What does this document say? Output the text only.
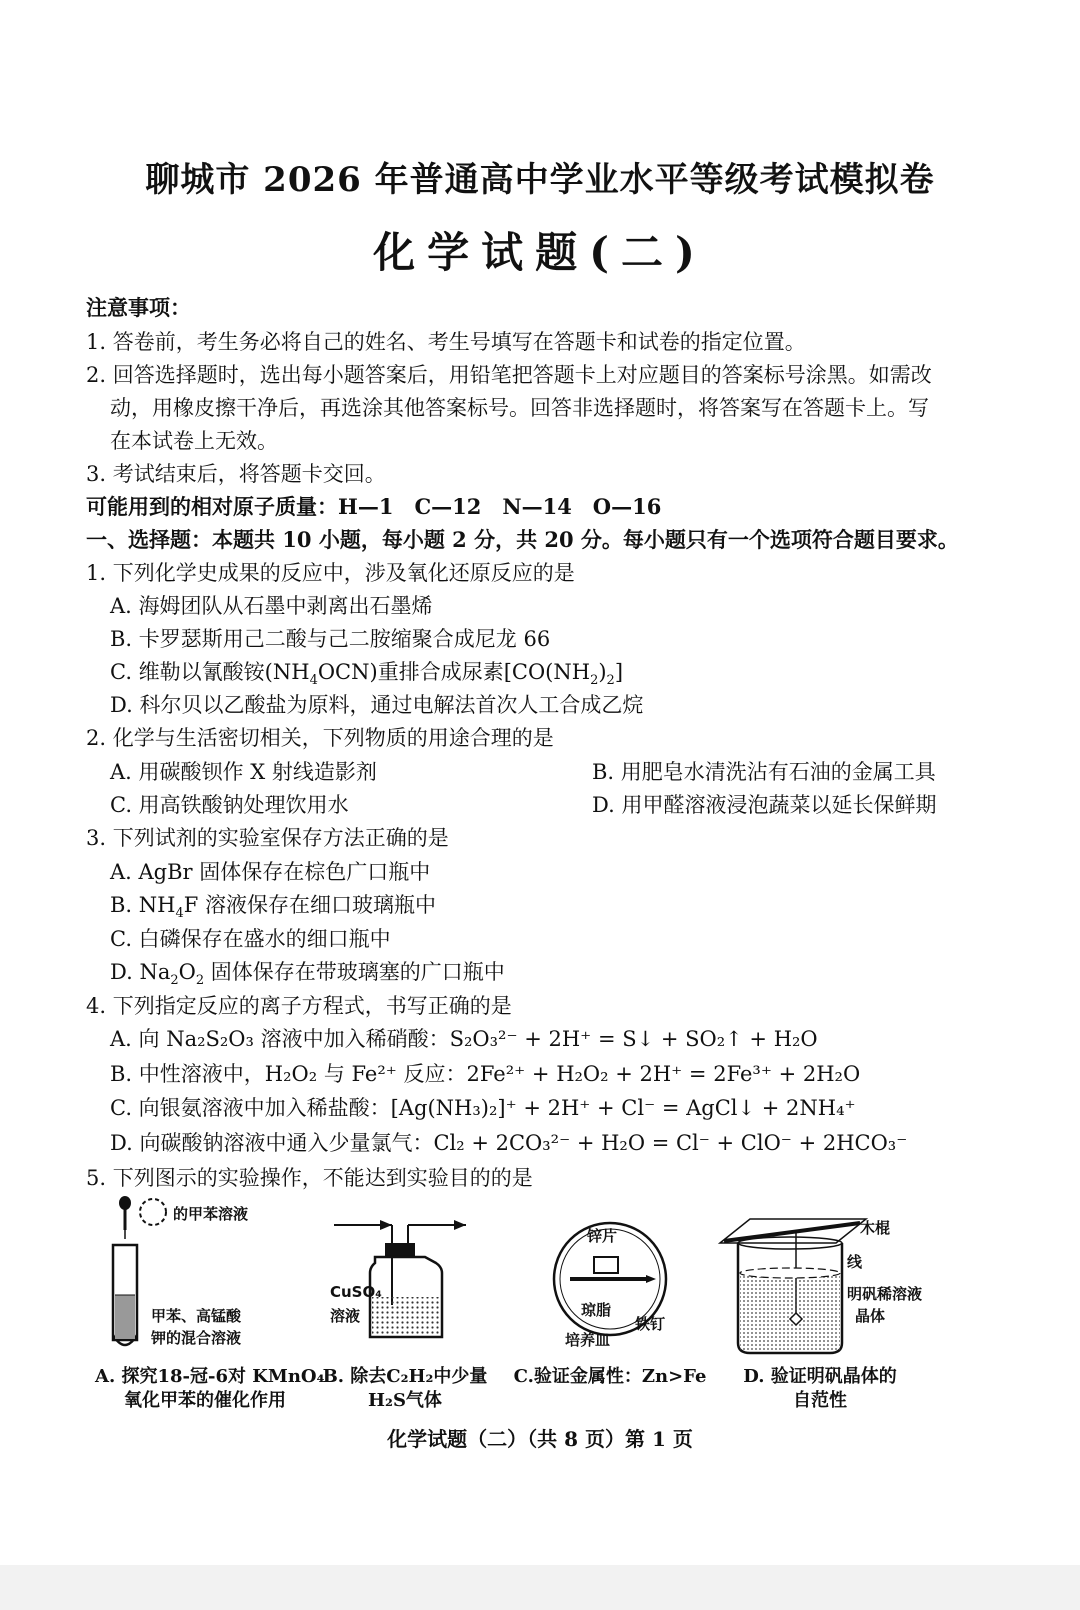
聊城市 2026 年普通高中学业水平等级考试模拟卷
化学试题(二)
注意事项：
1. 答卷前，考生务必将自己的姓名、考生号填写在答题卡和试卷的指定位置。
2. 回答选择题时，选出每小题答案后，用铅笔把答题卡上对应题目的答案标号涂黑。如需改
动，用橡皮擦干净后，再选涂其他答案标号。回答非选择题时，将答案写在答题卡上。写
在本试卷上无效。
3. 考试结束后，将答题卡交回。
可能用到的相对原子质量：H—1　C—12　N—14　O—16
一、选择题：本题共 10 小题，每小题 2 分，共 20 分。每小题只有一个选项符合题目要求。
1. 下列化学史成果的反应中，涉及氧化还原反应的是
A. 海姆团队从石墨中剥离出石墨烯
B. 卡罗瑟斯用己二酸与己二胺缩聚合成尼龙 66
C. 维勒以氰酸铵$(NH_4OCN)$重排合成尿素$[CO(NH_2)_2]$
D. 科尔贝以乙酸盐为原料，通过电解法首次人工合成乙烷
2. 化学与生活密切相关，下列物质的用途合理的是
A. 用碳酸钡作 X 射线造影剂	B. 用肥皂水清洗沾有石油的金属工具
C. 用高铁酸钠处理饮用水	D. 用甲醛溶液浸泡蔬菜以延长保鲜期
3. 下列试剂的实验室保存方法正确的是
A. AgBr 固体保存在棕色广口瓶中
B. $NH_4F$ 溶液保存在细口玻璃瓶中
C. 白磷保存在盛水的细口瓶中
D. $Na_2O_2$ 固体保存在带玻璃塞的广口瓶中
4. 下列指定反应的离子方程式，书写正确的是
A. 向 Na₂S₂O₃ 溶液中加入稀硝酸：S₂O₃²⁻ + 2H⁺ = S↓ + SO₂↑ + H₂O
B. 中性溶液中，H₂O₂ 与 Fe²⁺ 反应：2Fe²⁺ + H₂O₂ + 2H⁺ = 2Fe³⁺ + 2H₂O
C. 向银氨溶液中加入稀盐酸：[Ag(NH₃)₂]⁺ + 2H⁺ + Cl⁻ = AgCl↓ + 2NH₄⁺
D. 向碳酸钠溶液中通入少量氯气：Cl₂ + 2CO₃²⁻ + H₂O = Cl⁻ + ClO⁻ + 2HCO₃⁻
5. 下列图示的实验操作，不能达到实验目的的是
的甲苯溶液
甲苯、高锰酸
钾的混合溶液
CuSO₄
溶液
锌片
琼脂
铁钉
培养皿
木棍
线
明矾稀溶液
晶体
A. 探究18-冠-6对 KMnO₄
氧化甲苯的催化作用
B. 除去C₂H₂中少量
H₂S气体
C.验证金属性：Zn>Fe	D. 验证明矾晶体的
自范性
化学试题（二）（共 8 页）第 1 页
